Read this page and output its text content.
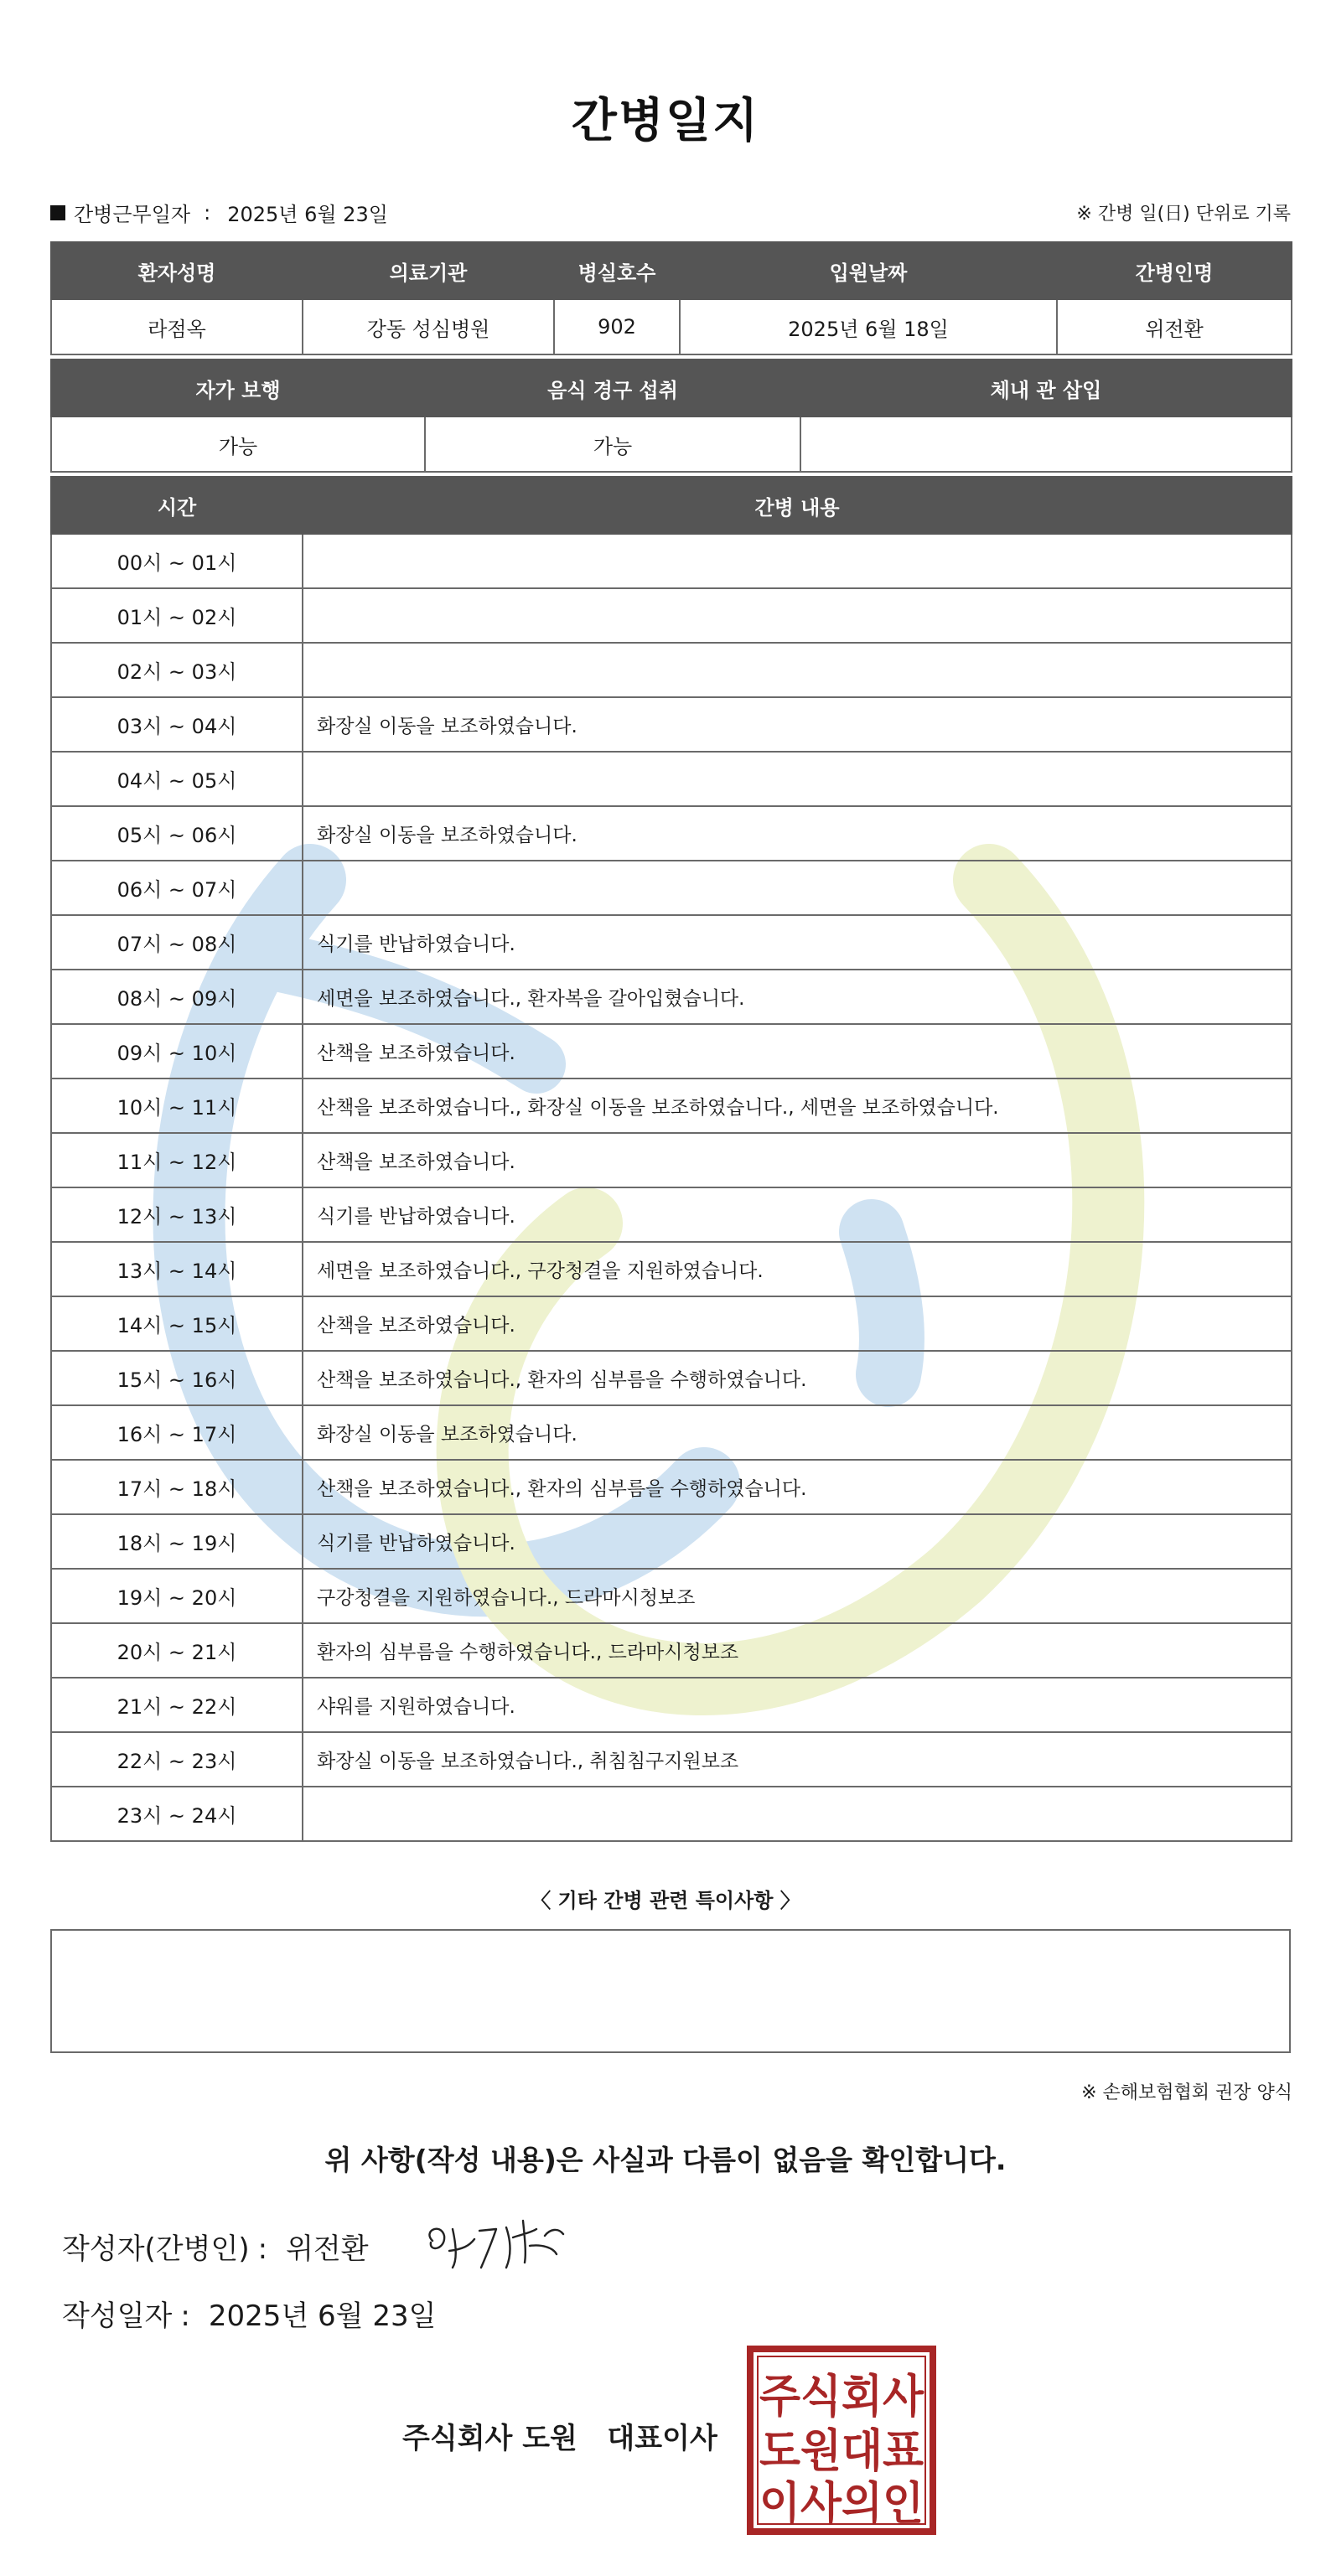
간병일지
간병근무일자 : 2025년 6월 23일	※ 간병 일(日) 단위로 기록
환자성명	의료기관	병실호수	입원날짜	간병인명
라점옥	강동 성심병원	902	2025년 6월 18일	위전환
자가 보행	음식 경구 섭취	체내 관 삽입
가능	가능	
시간	간병 내용
00시 ~ 01시	
01시 ~ 02시	
02시 ~ 03시	
03시 ~ 04시	화장실 이동을 보조하였습니다.
04시 ~ 05시	
05시 ~ 06시	화장실 이동을 보조하였습니다.
06시 ~ 07시	
07시 ~ 08시	식기를 반납하였습니다.
08시 ~ 09시	세면을 보조하였습니다., 환자복을 갈아입혔습니다.
09시 ~ 10시	산책을 보조하였습니다.
10시 ~ 11시	산책을 보조하였습니다., 화장실 이동을 보조하였습니다., 세면을 보조하였습니다.
11시 ~ 12시	산책을 보조하였습니다.
12시 ~ 13시	식기를 반납하였습니다.
13시 ~ 14시	세면을 보조하였습니다., 구강청결을 지원하였습니다.
14시 ~ 15시	산책을 보조하였습니다.
15시 ~ 16시	산책을 보조하였습니다., 환자의 심부름을 수행하였습니다.
16시 ~ 17시	화장실 이동을 보조하였습니다.
17시 ~ 18시	산책을 보조하였습니다., 환자의 심부름을 수행하였습니다.
18시 ~ 19시	식기를 반납하였습니다.
19시 ~ 20시	구강청결을 지원하였습니다., 드라마시청보조
20시 ~ 21시	환자의 심부름을 수행하였습니다., 드라마시청보조
21시 ~ 22시	샤워를 지원하였습니다.
22시 ~ 23시	화장실 이동을 보조하였습니다., 취침침구지원보조
23시 ~ 24시	
〈 기타 간병 관련 특이사항 〉
※ 손해보험협회 권장 양식
위 사항(작성 내용)은 사실과 다름이 없음을 확인합니다.
작성자(간병인) : 위전환
작성일자 : 2025년 6월 23일
주식회사 도원   대표이사
주식회사
도원대표
이사의인
